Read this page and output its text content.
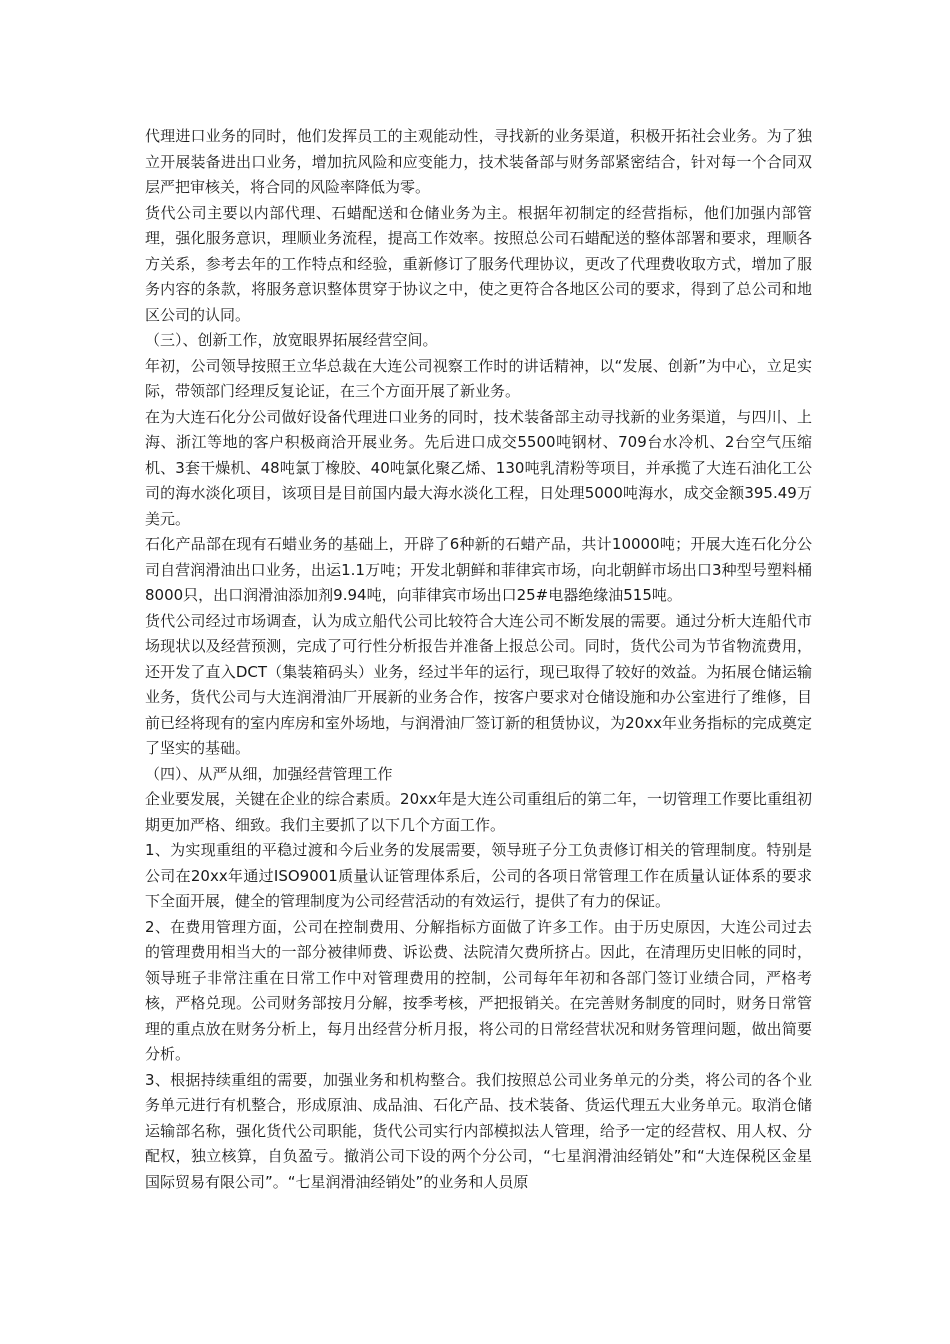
代理进口业务的同时，他们发挥员工的主观能动性，寻找新的业务渠道，积极开拓社会业务。为了独立开展装备进出口业务，增加抗风险和应变能力，技术装备部与财务部紧密结合，针对每一个合同双层严把审核关，将合同的风险率降低为零。

货代公司主要以内部代理、石蜡配送和仓储业务为主。根据年初制定的经营指标，他们加强内部管理，强化服务意识，理顺业务流程，提高工作效率。按照总公司石蜡配送的整体部署和要求，理顺各方关系，参考去年的工作特点和经验，重新修订了服务代理协议，更改了代理费收取方式，增加了服务内容的条款，将服务意识整体贯穿于协议之中，使之更符合各地区公司的要求，得到了总公司和地区公司的认同。

（三）、创新工作，放宽眼界拓展经营空间。

年初，公司领导按照王立华总裁在大连公司视察工作时的讲话精神，以“发展、创新”为中心，立足实际，带领部门经理反复论证，在三个方面开展了新业务。

在为大连石化分公司做好设备代理进口业务的同时，技术装备部主动寻找新的业务渠道，与四川、上海、浙江等地的客户积极商洽开展业务。先后进口成交5500吨钢材、709台水冷机、2台空气压缩机、3套干燥机、48吨氯丁橡胶、40吨氯化聚乙烯、130吨乳清粉等项目，并承揽了大连石油化工公司的海水淡化项目，该项目是目前国内最大海水淡化工程，日处理5000吨海水，成交金额395.49万美元。

石化产品部在现有石蜡业务的基础上，开辟了6种新的石蜡产品，共计10000吨；开展大连石化分公司自营润滑油出口业务，出运1.1万吨；开发北朝鲜和菲律宾市场，向北朝鲜市场出口3种型号塑料桶8000只，出口润滑油添加剂9.94吨，向菲律宾市场出口25#电器绝缘油515吨。

货代公司经过市场调查，认为成立船代公司比较符合大连公司不断发展的需要。通过分析大连船代市场现状以及经营预测，完成了可行性分析报告并准备上报总公司。同时，货代公司为节省物流费用，还开发了直入DCT（集装箱码头）业务，经过半年的运行，现已取得了较好的效益。为拓展仓储运输业务，货代公司与大连润滑油厂开展新的业务合作，按客户要求对仓储设施和办公室进行了维修，目前已经将现有的室内库房和室外场地，与润滑油厂签订新的租赁协议，为20xx年业务指标的完成奠定了坚实的基础。

（四）、从严从细，加强经营管理工作

企业要发展，关键在企业的综合素质。20xx年是大连公司重组后的第二年，一切管理工作要比重组初期更加严格、细致。我们主要抓了以下几个方面工作。

1、为实现重组的平稳过渡和今后业务的发展需要，领导班子分工负责修订相关的管理制度。特别是公司在20xx年通过ISO9001质量认证管理体系后，公司的各项日常管理工作在质量认证体系的要求下全面开展，健全的管理制度为公司经营活动的有效运行，提供了有力的保证。

2、在费用管理方面，公司在控制费用、分解指标方面做了许多工作。由于历史原因，大连公司过去的管理费用相当大的一部分被律师费、诉讼费、法院清欠费所挤占。因此，在清理历史旧帐的同时，领导班子非常注重在日常工作中对管理费用的控制，公司每年年初和各部门签订业绩合同，严格考核，严格兑现。公司财务部按月分解，按季考核，严把报销关。在完善财务制度的同时，财务日常管理的重点放在财务分析上，每月出经营分析月报，将公司的日常经营状况和财务管理问题，做出简要分析。

3、根据持续重组的需要，加强业务和机构整合。我们按照总公司业务单元的分类，将公司的各个业务单元进行有机整合，形成原油、成品油、石化产品、技术装备、货运代理五大业务单元。取消仓储运输部名称，强化货代公司职能，货代公司实行内部模拟法人管理，给予一定的经营权、用人权、分配权，独立核算，自负盈亏。撤消公司下设的两个分公司，“七星润滑油经销处”和“大连保税区金星国际贸易有限公司”。“七星润滑油经销处”的业务和人员原
